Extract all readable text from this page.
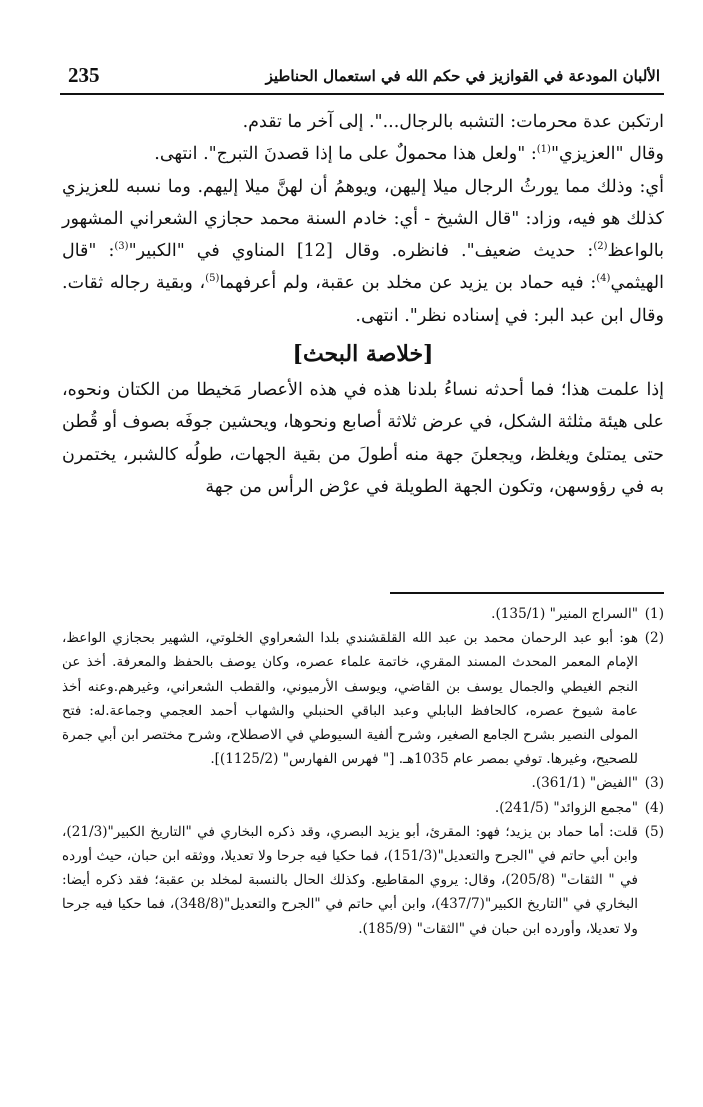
235	الألبان المودعة في القوازيز في حكم الله في استعمال الحناطيز

ارتكبن عدة محرمات: التشبه بالرجال...". إلى آخر ما تقدم.

وقال "العزيزي"$^{(1)}$: "ولعل هذا محمولٌ على ما إذا قصدنَ التبرج". انتهى.

أي: وذلك مما يورثُ الرجال ميلا إليهن، ويوهمُ أن لهنَّ ميلا إليهم. وما نسبه للعزيزي كذلك هو فيه، وزاد: "قال الشيخ - أي: خادم السنة محمد حجازي الشعراني المشهور بالواعظ$^{(2)}$: حديث ضعيف". فانظره. وقال [12] المناوي في "الكبير"$^{(3)}$: "قال الهيثمي$^{(4)}$: فيه حماد بن يزيد عن مخلد بن عقبة، ولم أعرفهما$^{(5)}$، وبقية رجاله ثقات. وقال ابن عبد البر: في إسناده نظر". انتهى.

[خلاصة البحث]

إذا علمت هذا؛ فما أحدثه نساءُ بلدنا هذه في هذه الأعصار مَخيطا من الكتان ونحوه، على هيئة مثلثة الشكل، في عرض ثلاثة أصابع ونحوها، ويحشين جوفَه بصوف أو قُطن حتى يمتلئ ويغلظ، ويجعلنَ جهة منه أطولَ من بقية الجهات، طولُه كالشبر، يختمرن به في رؤوسهن، وتكون الجهة الطويلة في عرْض الرأس من جهة

(1)
"السراج المنير" (135/1).
(2)
هو: أبو عبد الرحمان محمد بن عبد الله القلقشندي بلدا الشعراوي الخلوتي، الشهير بحجازي الواعظ، الإمام المعمر المحدث المسند المقري، خاتمة علماء عصره، وكان يوصف بالحفظ والمعرفة. أخذ عن النجم الغيطي والجمال يوسف بن القاضي، ويوسف الأرميوني، والقطب الشعراني، وغيرهم.وعنه أخذ عامة شيوخ عصره، كالحافظ البابلي وعبد الباقي الحنبلي والشهاب أحمد العجمي وجماعة.له: فتح المولى النصير بشرح الجامع الصغير، وشرح ألفية السيوطي في الاصطلاح، وشرح مختصر ابن أبي جمرة للصحيح، وغيرها. توفي بمصر عام 1035هـ. [" فهرس الفهارس" (1125/2)].
(3)
"الفيض" (361/1).
(4)
"مجمع الزوائد" (241/5).
(5)
قلت: أما حماد بن يزيد؛ فهو: المقرئ، أبو يزيد البصري، وقد ذكره البخاري في "التاريخ الكبير"(21/3)، وابن أبي حاتم في "الجرح والتعديل"(151/3)، فما حكيا فيه جرحا ولا تعديلا، ووثقه ابن حبان، حيث أورده في " الثقات" (205/8)، وقال: يروي المقاطيع. وكذلك الحال بالنسبة لمخلد بن عقبة؛ فقد ذكره أيضا: البخاري في "التاريخ الكبير"(437/7)، وابن أبي حاتم في "الجرح والتعديل"(348/8)، فما حكيا فيه جرحا ولا تعديلا، وأورده ابن حبان في "الثقات" (185/9).
